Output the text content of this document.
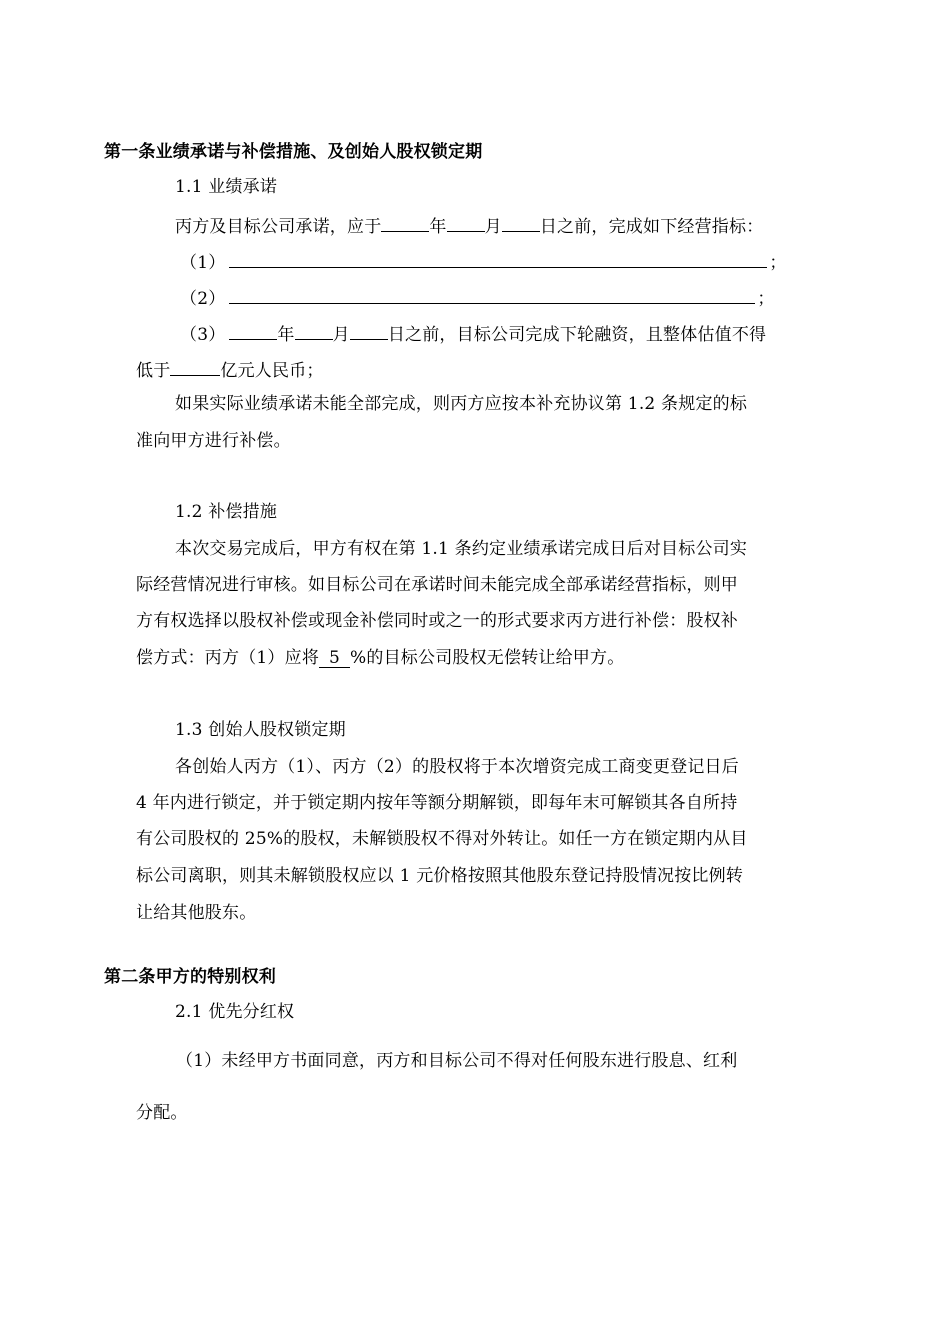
第一条业绩承诺与补偿措施、及创始人股权锁定期
1.1 业绩承诺
丙方及目标公司承诺，应于	年 月 日之前，完成如下经营指标：
（1）	；
（2）	；
（3）	年 月 日之前，目标公司完成下轮融资，且整体估值不得
低于	亿元人民币；
如果实际业绩承诺未能全部完成，则丙方应按本补充协议第 1.2 条规定的标
准向甲方进行补偿。
1.2 补偿措施
本次交易完成后，甲方有权在第 1.1 条约定业绩承诺完成日后对目标公司实
际经营情况进行审核。如目标公司在承诺时间未能完成全部承诺经营指标，则甲
方有权选择以股权补偿或现金补偿同时或之一的形式要求丙方进行补偿：股权补
偿方式：丙方（1）应将 5 %的目标公司股权无偿转让给甲方。
1.3 创始人股权锁定期
各创始人丙方（1）、丙方（2）的股权将于本次增资完成工商变更登记日后
4 年内进行锁定，并于锁定期内按年等额分期解锁，即每年末可解锁其各自所持
有公司股权的 25%的股权，未解锁股权不得对外转让。如任一方在锁定期内从目
标公司离职，则其未解锁股权应以 1 元价格按照其他股东登记持股情况按比例转
让给其他股东。
第二条甲方的特别权利
2.1 优先分红权
（1）未经甲方书面同意，丙方和目标公司不得对任何股东进行股息、红利
分配。
